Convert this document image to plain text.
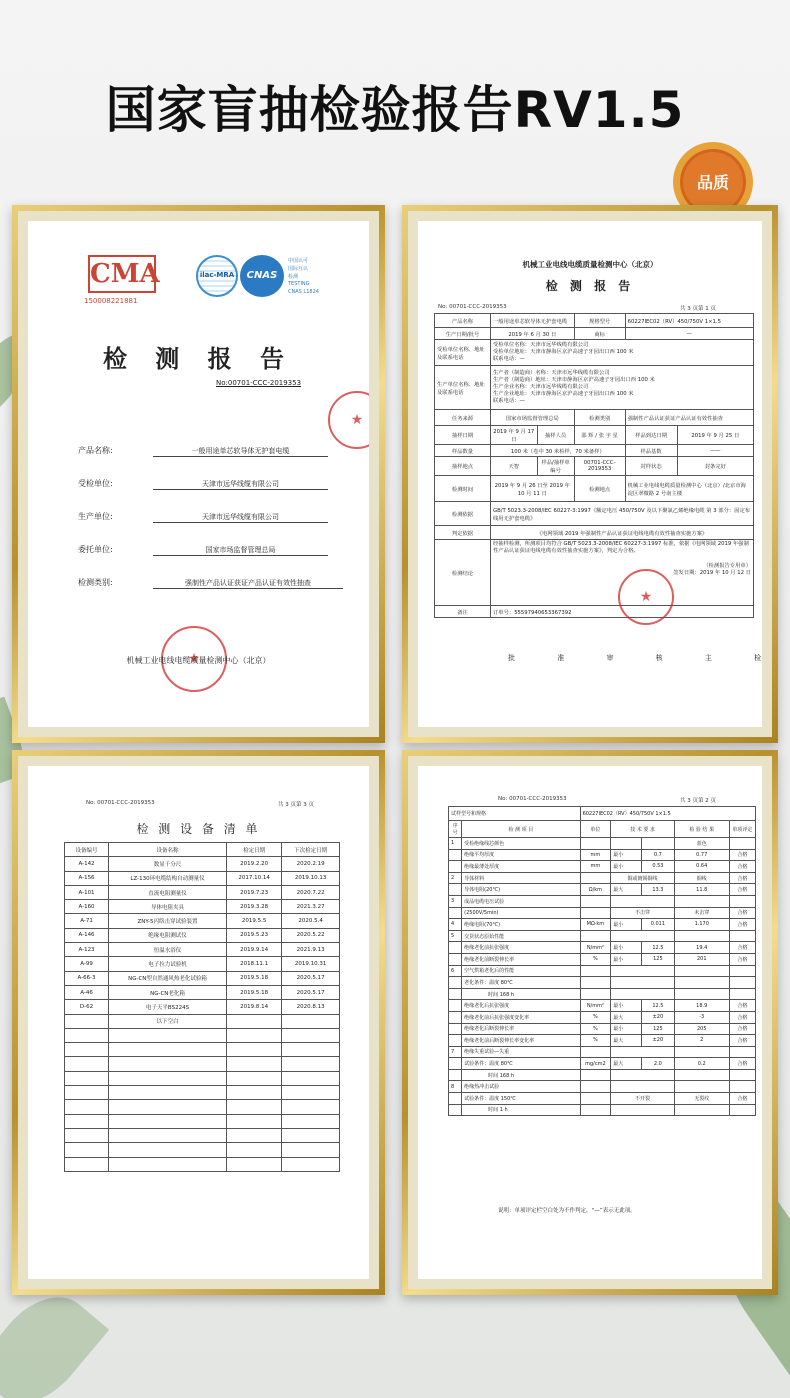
国家盲抽检验报告RV1.5
品质
CMA
150008221881
ilac-MRA	CNAS
中国认可
国际互认
检测
TESTING
CNAS L1824
检 测 报 告
No:00701-CCC-2019353
★
产品名称:	一般用途单芯软导体无护套电缆
受检单位:	天津市远华线缆有限公司
生产单位:	天津市远华线缆有限公司
委托单位:	国家市场监督管理总局
检测类别:	强制性产品认证获证产品认证有效性抽查
★
机械工业电线电缆质量检测中心（北京）
机械工业电线电缆质量检测中心（北京）
检 测 报 告
No: 00701-CCC-2019353	共 3 页第 1 页
产品名称	一般用途单芯软导体无护套电缆		规格型号	60227IEC02（RV）450/750V 1×1.5	
生产日期/批号	2019 年 6 月 30 日		商标	—	
受检单位名称、地址及联系电话	受检单位名称：天津市远华线缆有限公司
受检单位地址：天津市静海区京沪高速子牙园出口西 100 米
联系电话：—				

生产单位名称、地址及联系电话	生产者（制造商）名称：天津市远华线缆有限公司
生产者（制造商）地址：天津市静海区京沪高速子牙园出口西 100 米
生产企业名称：天津市远华线缆有限公司
生产企业地址：天津市静海区京沪高速子牙园出口西 100 米
联系电话：—				

任务来源	国家市场监督管理总局		检测类别	强制性产品认证获证产品认证有效性抽查	
抽样日期	2019 年 9 月 17 日	抽样人员	邵 辉 / 张 字 星	样品到达日期	2019 年 9 月 25 日
样品数量	100 米（卷中 30 米检样，70 米备样）			样品基数	——
抽样地点	天智	样品/抽样单编号	00701-CCC-2019353	封样状态	封条完好
检测时间	2019 年 9 月 26 日至 2019 年 10 月 11 日		检测地点	机械工业电线电缆质量检测中心（北京）/北京市海淀区翠微路 2 号南主楼	
检测依据	GB/T 5023.3-2008/IEC 60227-3:1997《额定电压 450/750V 及以下聚氯乙烯绝缘电缆 第 3 部分：固定布线用无护套电缆》				
判定依据	《电网领域 2019 年强制性产品认证获证电线电缆有效性抽查实施方案》				
检测结论	经抽样检测，所测项目均符合 GB/T 5023.3-2008/IEC 60227-3:1997 标准，依据《电网领域 2019 年强制性产品认证获证电线电缆有效性抽查实施方案》，判定为合格。
（检测报告专用章）
签发日期：2019 年 10 月 12 日				

备注	订单号：555979406533673​92				
★
批 准 审 核 主 检
No: 00701-CCC-2019353	共 3 页第 3 页
检 测 设 备 清 单
设备编号	设备名称	检定日期	下次检定日期
A-142	数显千分尺	2019.2.20	2020.2.19
A-156	LZ-130环电缆结构自动测量仪	2017.10.14	2019.10.13
A-101	直流电阻测量仪	2019.7.23	2020.7.22
A-160	导体电阻夹具	2019.3.28	2021.3.27
A-71	ZNY-5闪络击穿试验装置	2019.5.5	2020.5.4
A-146	绝缘电阻测试仪	2019.5.23	2020.5.22
A-123	恒温水浴仪	2019.9.14	2021.9.13
A-99	电子拉力试验机	2018.11.1	2019.10.31
A-66-3	NG-CN型自然通风热老化试验箱	2019.5.18	2020.5.17
A-46	NG-CN老化箱	2019.5.18	2020.5.17
D-62	电子天平BS224S	2019.8.14	2020.8.13
	以下空白		

No: 00701-CCC-2019353	共 3 页第 2 页
试样型号和规格		60227IEC02（RV）450/750V 1×1.5				
序号	检 测 项 目	单位	技 术 要 求		检 验 结 果	单项评定
1	受检绝缘线芯颜色				蓝色	
	绝缘平均厚度	mm	最小	0.7	0.77	合格
	绝缘最薄处厚度	mm	最小	0.53	0.64	合格
2	导体材料		铜或镀锡铜线		铜线	合格
	导体电阻(20℃)	Ω/km	最大	13.3	11.8	合格
3	成品电缆电压试验					
	(2500V/5min)		不击穿		未击穿	合格
4	绝缘电阻(70℃)	MΩ·km	最小	0.011	1.170	合格
5	交货状态原始性能					
	绝缘老化前抗张强度	N/mm²	最小	12.5	19.4	合格
	绝缘老化前断裂伸长率	%	最小	125	201	合格
6	空气烘箱老化后的性能					
	老化条件：温度 80℃					
	时间 168 h					
	绝缘老化后抗张强度	N/mm²	最小	12.5	18.9	合格
	绝缘老化前后抗张强度变化率	%	最大	±20	-3	合格
	绝缘老化后断裂伸长率	%	最小	125	205	合格
	绝缘老化前后断裂伸长率变化率	%	最大	±20	2	合格
7	绝缘失重试验—失重					
	试验条件：温度 80℃	mg/cm2	最大	2.0	0.2	合格
	时间 168 h					
8	绝缘热冲击试验					
	试验条件：温度 150℃		不开裂		无裂纹	合格
	时间 1 h					
说明：单项评定栏空白处为不作判定，“—”表示无此项。
